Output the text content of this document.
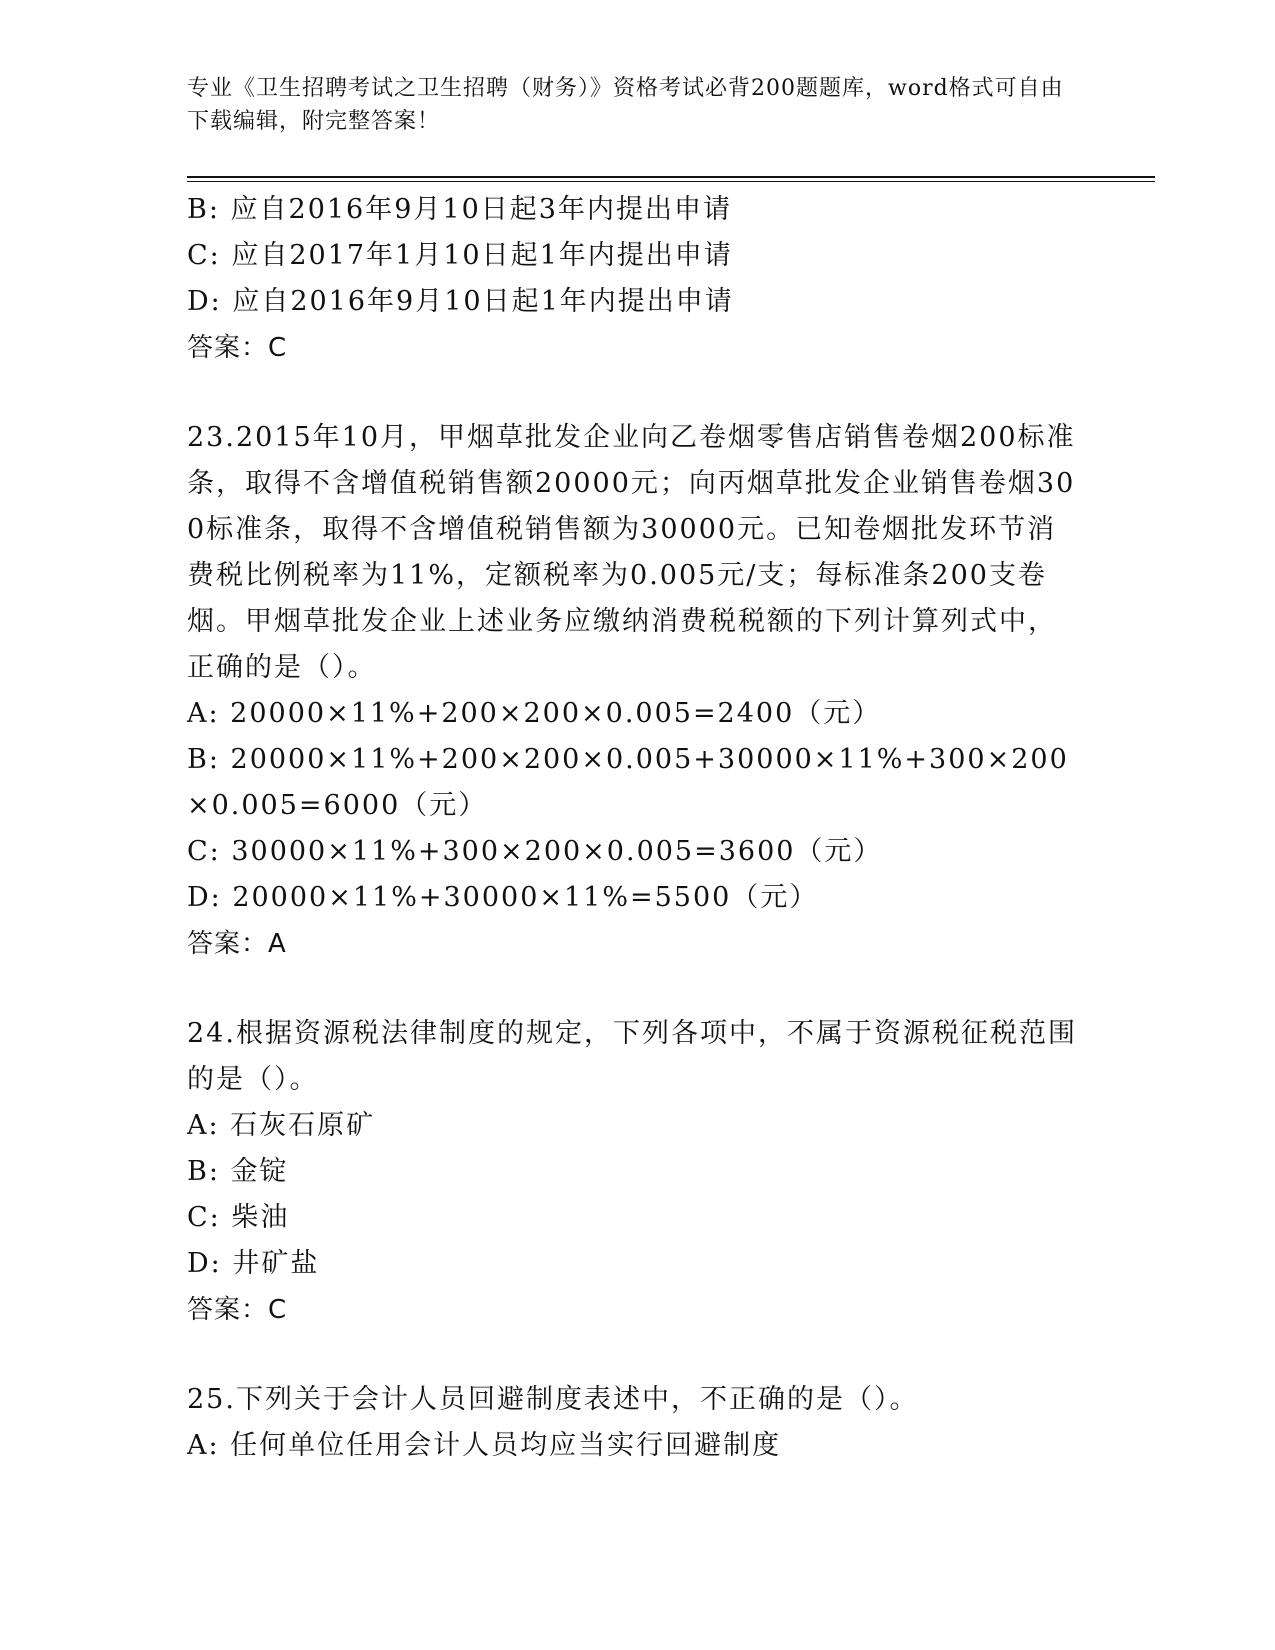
专业《卫生招聘考试之卫生招聘（财务）》资格考试必背200题题库，word格式可自由下载编辑，附完整答案！
B: 应自2016年9月10日起3年内提出申请
C: 应自2017年1月10日起1年内提出申请
D: 应自2016年9月10日起1年内提出申请
答案：C
23.2015年10月，甲烟草批发企业向乙卷烟零售店销售卷烟200标准条，取得不含增值税销售额20000元；向丙烟草批发企业销售卷烟300标准条，取得不含增值税销售额为30000元。已知卷烟批发环节消费税比例税率为11%，定额税率为0.005元/支；每标准条200支卷烟。甲烟草批发企业上述业务应缴纳消费税税额的下列计算列式中，正确的是（）。
A: 20000×11%+200×200×0.005=2400（元）
B: 20000×11%+200×200×0.005+30000×11%+300×200×0.005=6000（元）
C: 30000×11%+300×200×0.005=3600（元）
D: 20000×11%+30000×11%=5500（元）
答案：A
24.根据资源税法律制度的规定，下列各项中，不属于资源税征税范围的是（）。
A: 石灰石原矿
B: 金锭
C: 柴油
D: 井矿盐
答案：C
25.下列关于会计人员回避制度表述中，不正确的是（）。
A: 任何单位任用会计人员均应当实行回避制度
